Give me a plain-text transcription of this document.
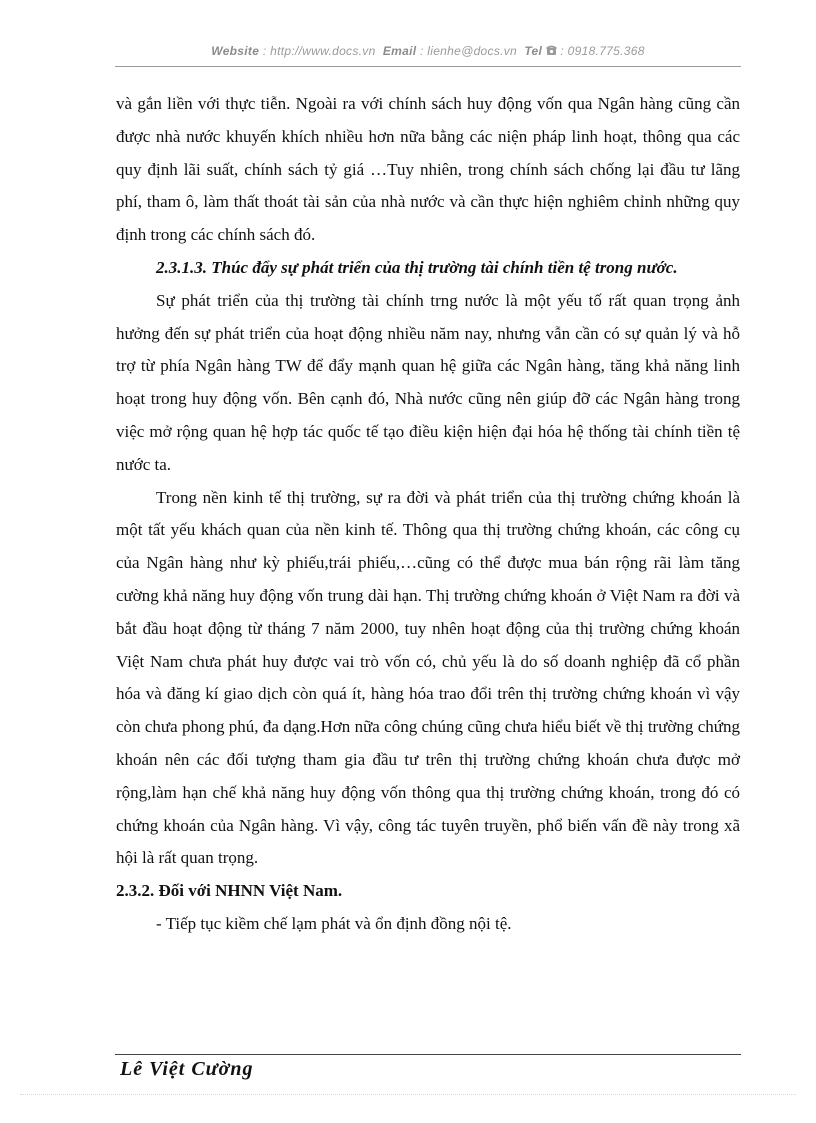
Website : http://www.docs.vn Email : lienhe@docs.vn Tel : 0918.775.368

và gắn liền với thực tiễn. Ngoài ra với chính sách huy động vốn qua Ngân hàng cũng cần được nhà nước khuyến khích nhiều hơn nữa bằng các niện pháp linh hoạt, thông qua các quy định lãi suất, chính sách tỷ giá …Tuy nhiên, trong chính sách chống lại đầu tư lãng phí, tham ô, làm thất thoát tài sản của nhà nước và cần thực hiện nghiêm chỉnh những quy định trong các chính sách đó.

2.3.1.3. Thúc đẩy sự phát triển của thị trường tài chính tiền tệ trong nước.

Sự phát triển của thị trường tài chính trng nước là một yếu tố rất quan trọng ảnh hưởng đến sự phát triển của hoạt động nhiều năm nay, nhưng vẫn cần có sự quản lý và hỗ trợ từ phía Ngân hàng TW để đẩy mạnh quan hệ giữa các Ngân hàng, tăng khả năng linh hoạt trong huy động vốn. Bên cạnh đó, Nhà nước cũng nên giúp đỡ các Ngân hàng trong việc mở rộng quan hệ hợp tác quốc tế tạo điều kiện hiện đại hóa hệ thống tài chính tiền tệ nước ta.

Trong nền kinh tế thị trường, sự ra đời và phát triển của thị trường chứng khoán là một tất yếu khách quan của nền kinh tế. Thông qua thị trường chứng khoán, các công cụ của Ngân hàng như kỳ phiếu,trái phiếu,…cũng có thể được mua bán rộng rãi làm tăng cường khả năng huy động vốn trung dài hạn. Thị trường chứng khoán ở Việt Nam ra đời và bắt đầu hoạt động từ tháng 7 năm 2000, tuy nhên hoạt động của thị trường chứng khoán Việt Nam chưa phát huy được vai trò vốn có, chủ yếu là do số doanh nghiệp đã cổ phần hóa và đăng kí giao dịch còn quá ít, hàng hóa trao đổi trên thị trường chứng khoán vì vậy còn chưa phong phú, đa dạng.Hơn nữa công chúng cũng chưa hiểu biết về thị trường chứng khoán nên các đối tượng tham gia đầu tư trên thị trường chứng khoán chưa được mở rộng,làm hạn chế khả năng huy động vốn thông qua thị trường chứng khoán, trong đó có chứng khoán của Ngân hàng. Vì vậy, công tác tuyên truyền, phổ biến vấn đề này trong xã hội là rất quan trọng.

2.3.2. Đối với NHNN Việt Nam.

- Tiếp tục kiềm chế lạm phát và ổn định đồng nội tệ.

Lê Việt Cường
